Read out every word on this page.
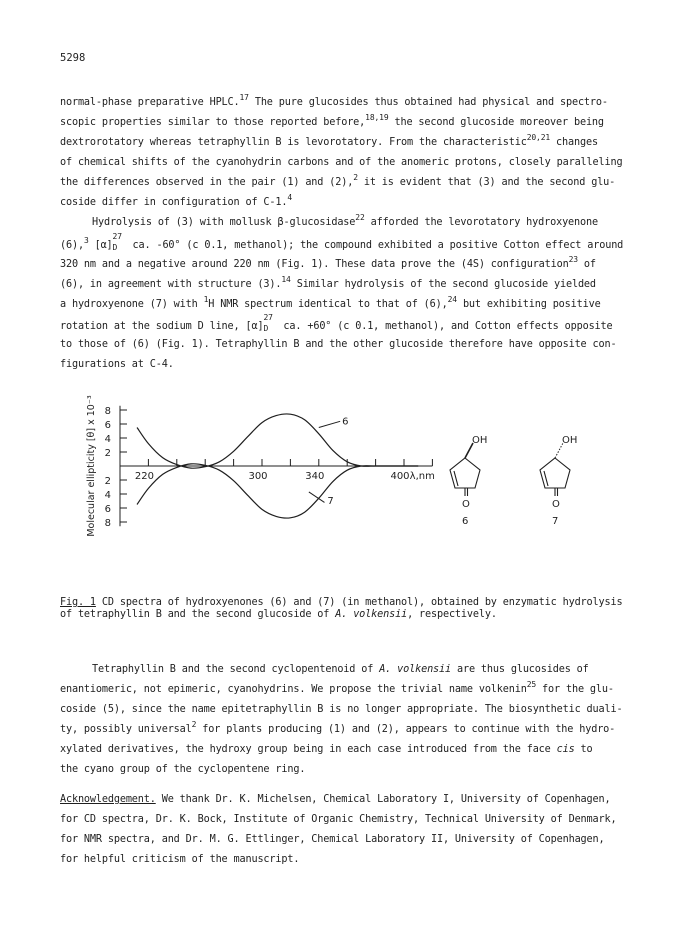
5298
normal-phase preparative HPLC.$^{17}$ The pure glucosides thus obtained had physical and spectro-
scopic properties similar to those reported before,$^{18,19}$ the second glucoside moreover being
dextrorotatory whereas tetraphyllin B is levorotatory. From the characteristic$^{20,21}$ changes
of chemical shifts of the cyanohydrin carbons and of the anomeric protons, closely paralleling
the differences observed in the pair (1) and (2),$^2$ it is evident that (3) and the second glu-
coside differ in configuration of C-1.$^4$
Hydrolysis of (3) with mollusk β-glucosidase$^{22}$ afforded the levorotatory hydroxyenone
(6),$^3$ [α]
27
D ca. -60° (c 0.1, methanol); the compound exhibited a positive Cotton effect around
320 nm and a negative around 220 nm (Fig. 1). These data prove the (4S) configuration$^{23}$ of
(6), in agreement with structure (3).$^{14}$ Similar hydrolysis of the second glucoside yielded
a hydroxyenone (7) with $^1$H NMR spectrum identical to that of (6),$^{24}$ but exhibiting positive
rotation at the sodium D line, [α]
27
D ca. +60° (c 0.1, methanol), and Cotton effects opposite
to those of (6) (Fig. 1). Tetraphyllin B and the other glucoside therefore have opposite con-
figurations at C-4.
8
6
4
2
2
4
6
8
220	300	340	400 λ,nm
Molecular ellipticity [θ] x 10⁻³	6
7
OH
O
6
OH
O
7
Fig. 1 CD spectra of hydroxyenones (6) and (7) (in methanol), obtained by enzymatic hydrolysis
of tetraphyllin B and the second glucoside of A. volkensii, respectively.
Tetraphyllin B and the second cyclopentenoid of A. volkensii are thus glucosides of
enantiomeric, not epimeric, cyanohydrins. We propose the trivial name volkenin$^{25}$ for the glu-
coside (5), since the name epitetraphyllin B is no longer appropriate. The biosynthetic duali-
ty, possibly universal$^2$ for plants producing (1) and (2), appears to continue with the hydro-
xylated derivatives, the hydroxy group being in each case introduced from the face cis to
the cyano group of the cyclopentene ring.
Acknowledgement. We thank Dr. K. Michelsen, Chemical Laboratory I, University of Copenhagen,
for CD spectra, Dr. K. Bock, Institute of Organic Chemistry, Technical University of Denmark,
for NMR spectra, and Dr. M. G. Ettlinger, Chemical Laboratory II, University of Copenhagen,
for helpful criticism of the manuscript.
